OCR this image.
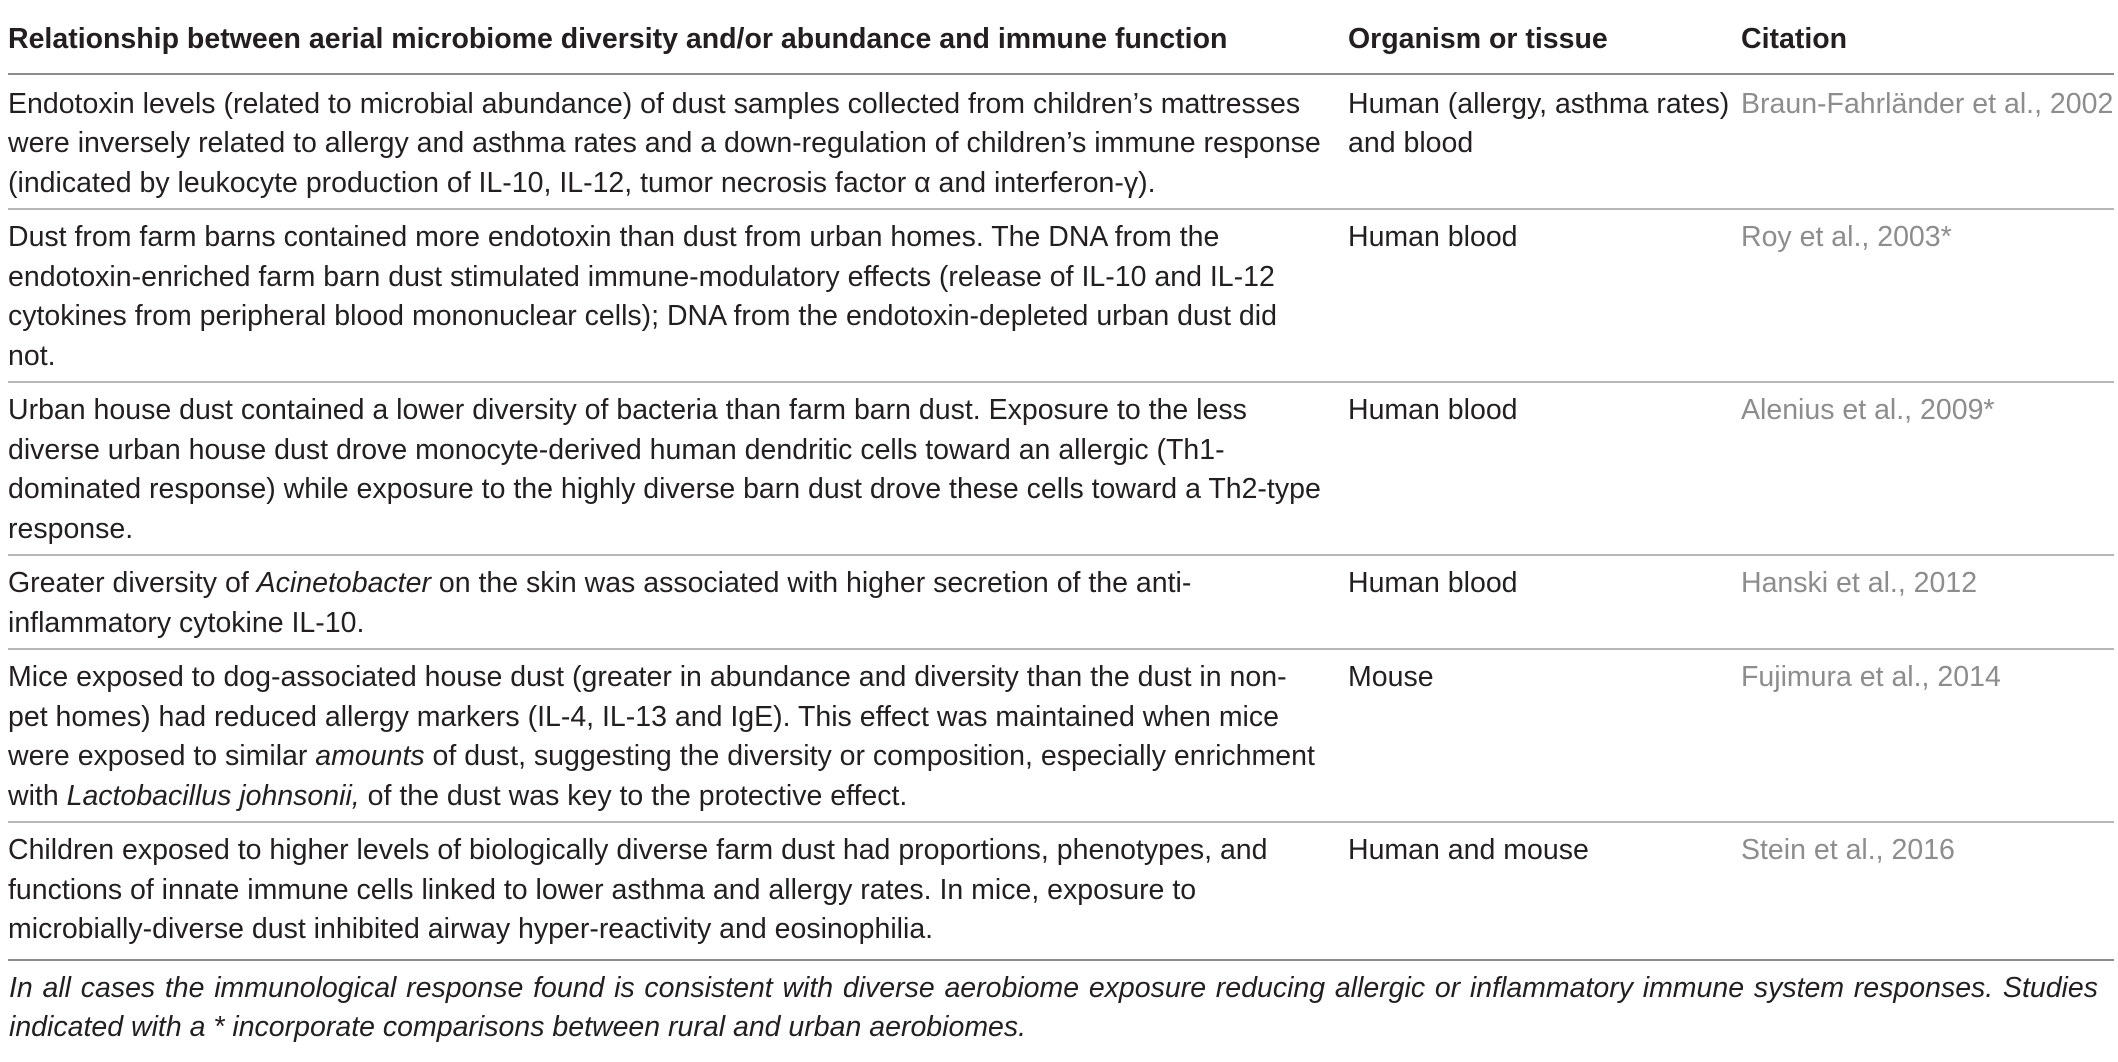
Relationship between aerial microbiome diversity and/or abundance and immune function	Organism or tissue	Citation
Endotoxin levels (related to microbial abundance) of dust samples collected from children’s mattresses were inversely related to allergy and asthma rates and a down-regulation of children’s immune response (indicated by leukocyte production of IL-10, IL-12, tumor necrosis factor α and interferon-γ).	Human (allergy, asthma rates) and blood	Braun-Fahrländer et al., 2002
Dust from farm barns contained more endotoxin than dust from urban homes. The DNA from the endotoxin-enriched farm barn dust stimulated immune-modulatory effects (release of IL-10 and IL-12 cytokines from peripheral blood mononuclear cells); DNA from the endotoxin-depleted urban dust did not.	Human blood	Roy et al., 2003*
Urban house dust contained a lower diversity of bacteria than farm barn dust. Exposure to the less diverse urban house dust drove monocyte-derived human dendritic cells toward an allergic (Th1-dominated response) while exposure to the highly diverse barn dust drove these cells toward a Th2-type response.	Human blood	Alenius et al., 2009*
Greater diversity of Acinetobacter on the skin was associated with higher secretion of the anti-inflammatory cytokine IL-10.	Human blood	Hanski et al., 2012
Mice exposed to dog-associated house dust (greater in abundance and diversity than the dust in non-pet homes) had reduced allergy markers (IL-4, IL-13 and IgE). This effect was maintained when mice were exposed to similar amounts of dust, suggesting the diversity or composition, especially enrichment with Lactobacillus johnsonii, of the dust was key to the protective effect.	Mouse	Fujimura et al., 2014
Children exposed to higher levels of biologically diverse farm dust had proportions, phenotypes, and functions of innate immune cells linked to lower asthma and allergy rates. In mice, exposure to microbially-diverse dust inhibited airway hyper-reactivity and eosinophilia.	Human and mouse	Stein et al., 2016
In all cases the immunological response found is consistent with diverse aerobiome exposure reducing allergic or inflammatory immune system responses. Studies indicated with a * incorporate comparisons between rural and urban aerobiomes.		
